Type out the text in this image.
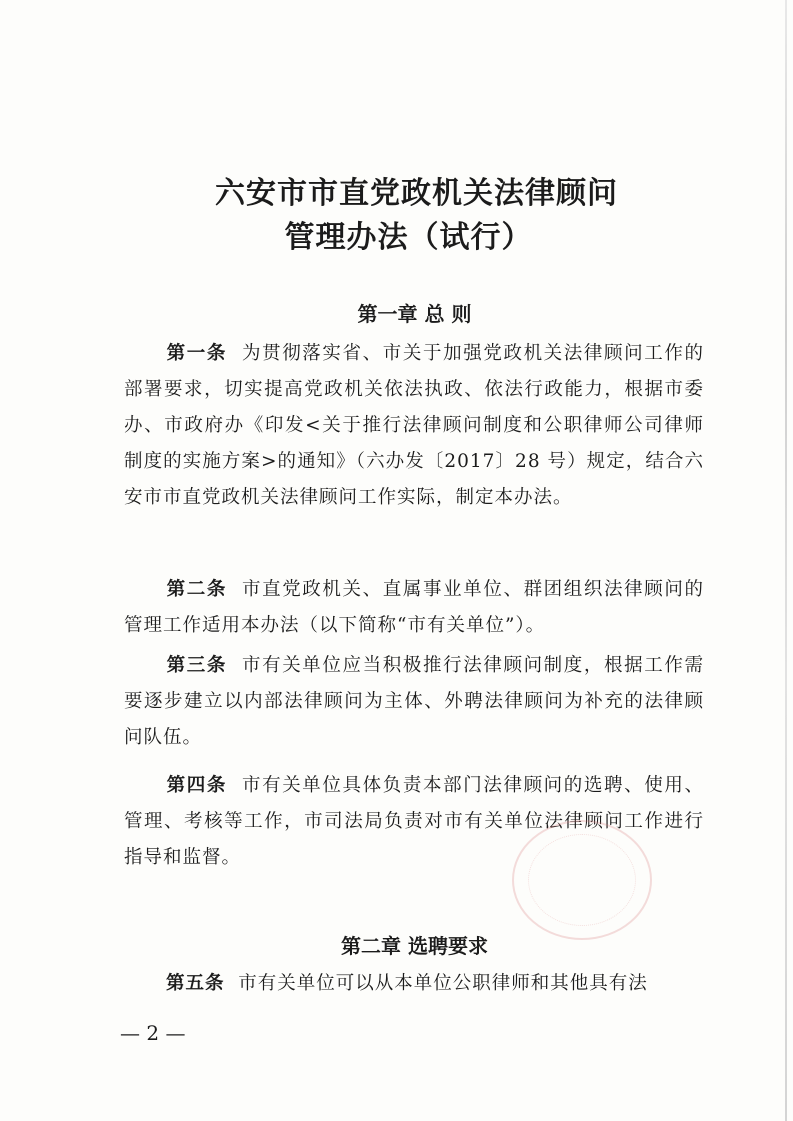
六安市市直党政机关法律顾问
管理办法（试行）
第一章 总 则
第一条 为贯彻落实省、市关于加强党政机关法律顾问工作的部署要求，切实提高党政机关依法执政、依法行政能力，根据市委办、市政府办《印发<关于推行法律顾问制度和公职律师公司律师制度的实施方案>的通知》（六办发〔2017〕28 号）规定，结合六安市市直党政机关法律顾问工作实际，制定本办法。
第二条 市直党政机关、直属事业单位、群团组织法律顾问的管理工作适用本办法（以下简称“市有关单位”）。
第三条 市有关单位应当积极推行法律顾问制度，根据工作需要逐步建立以内部法律顾问为主体、外聘法律顾问为补充的法律顾问队伍。
第四条 市有关单位具体负责本部门法律顾问的选聘、使用、管理、考核等工作，市司法局负责对市有关单位法律顾问工作进行指导和监督。
第二章 选聘要求
第五条 市有关单位可以从本单位公职律师和其他具有法
— 2 —
